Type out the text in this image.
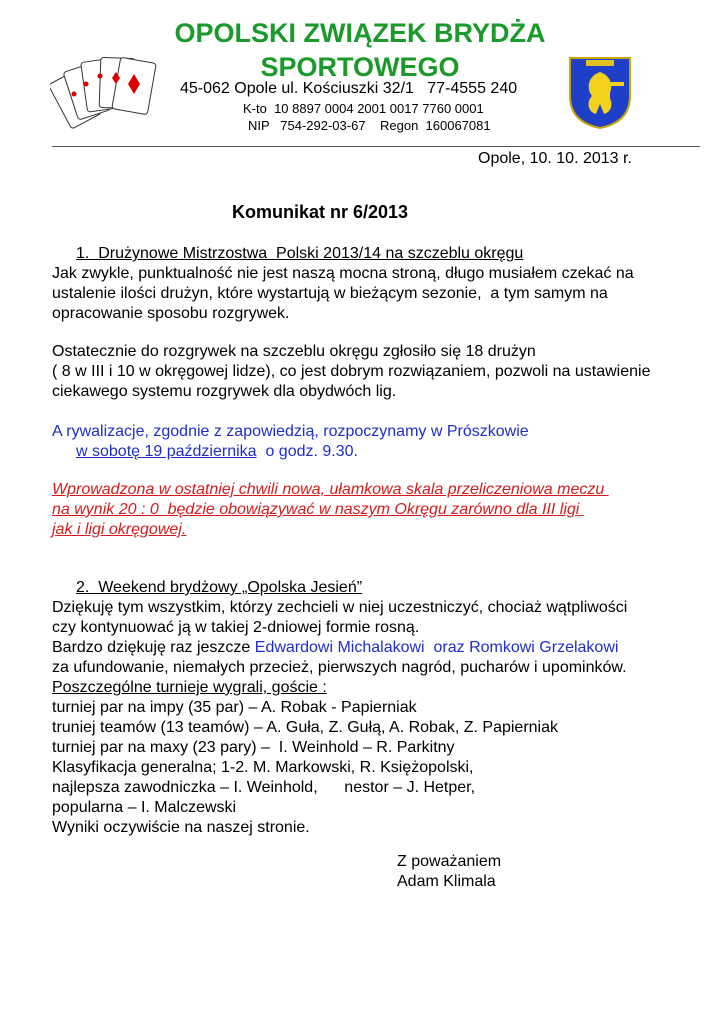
OPOLSKI ZWIĄZEK BRYDŻA
SPORTOWEGO
45-062 Opole ul. Kościuszki 32/1   77-4555 240
K-to  10 8897 0004 2001 0017 7760 0001
NIP   754-292-03-67    Regon  160067081
Opole, 10. 10. 2013 r.
Komunikat nr 6/2013
1.  Drużynowe Mistrzostwa  Polski 2013/14 na szczeblu okręgu
Jak zwykle, punktualność nie jest naszą mocna stroną, długo musiałem czekać na
ustalenie ilości drużyn, które wystartują w bieżącym sezonie,  a tym samym na
opracowanie sposobu rozgrywek.
Ostatecznie do rozgrywek na szczeblu okręgu zgłosiło się 18 drużyn
( 8 w III i 10 w okręgowej lidze), co jest dobrym rozwiązaniem, pozwoli na ustawienie
ciekawego systemu rozgrywek dla obydwóch lig.
A rywalizacje, zgodnie z zapowiedzią, rozpoczynamy w Prószkowie
w sobotę 19 października  o godz. 9.30.
Wprowadzona w ostatniej chwili nowa, ułamkowa skala przeliczeniowa meczu
na wynik 20 : 0  będzie obowiązywać w naszym Okręgu zarówno dla III ligi
jak i ligi okręgowej.
2.  Weekend brydżowy „Opolska Jesień”
Dziękuję tym wszystkim, którzy zechcieli w niej uczestniczyć, chociaż wątpliwości
czy kontynuować ją w takiej 2-dniowej formie rosną.
Bardzo dziękuję raz jeszcze Edwardowi Michalakowi  oraz Romkowi Grzelakowi
za ufundowanie, niemałych przecież, pierwszych nagród, pucharów i upominków.
Poszczególne turnieje wygrali, goście :
turniej par na impy (35 par) – A. Robak - Papierniak
truniej teamów (13 teamów) – A. Guła, Z. Gułą, A. Robak, Z. Papierniak
turniej par na maxy (23 pary) –  I. Weinhold – R. Parkitny
Klasyfikacja generalna; 1-2. M. Markowski, R. Księżopolski,
najlepsza zawodniczka – I. Weinhold,      nestor – J. Hetper,
popularna – I. Malczewski
Wyniki oczywiście na naszej stronie.
Z poważaniem
Adam Klimala
